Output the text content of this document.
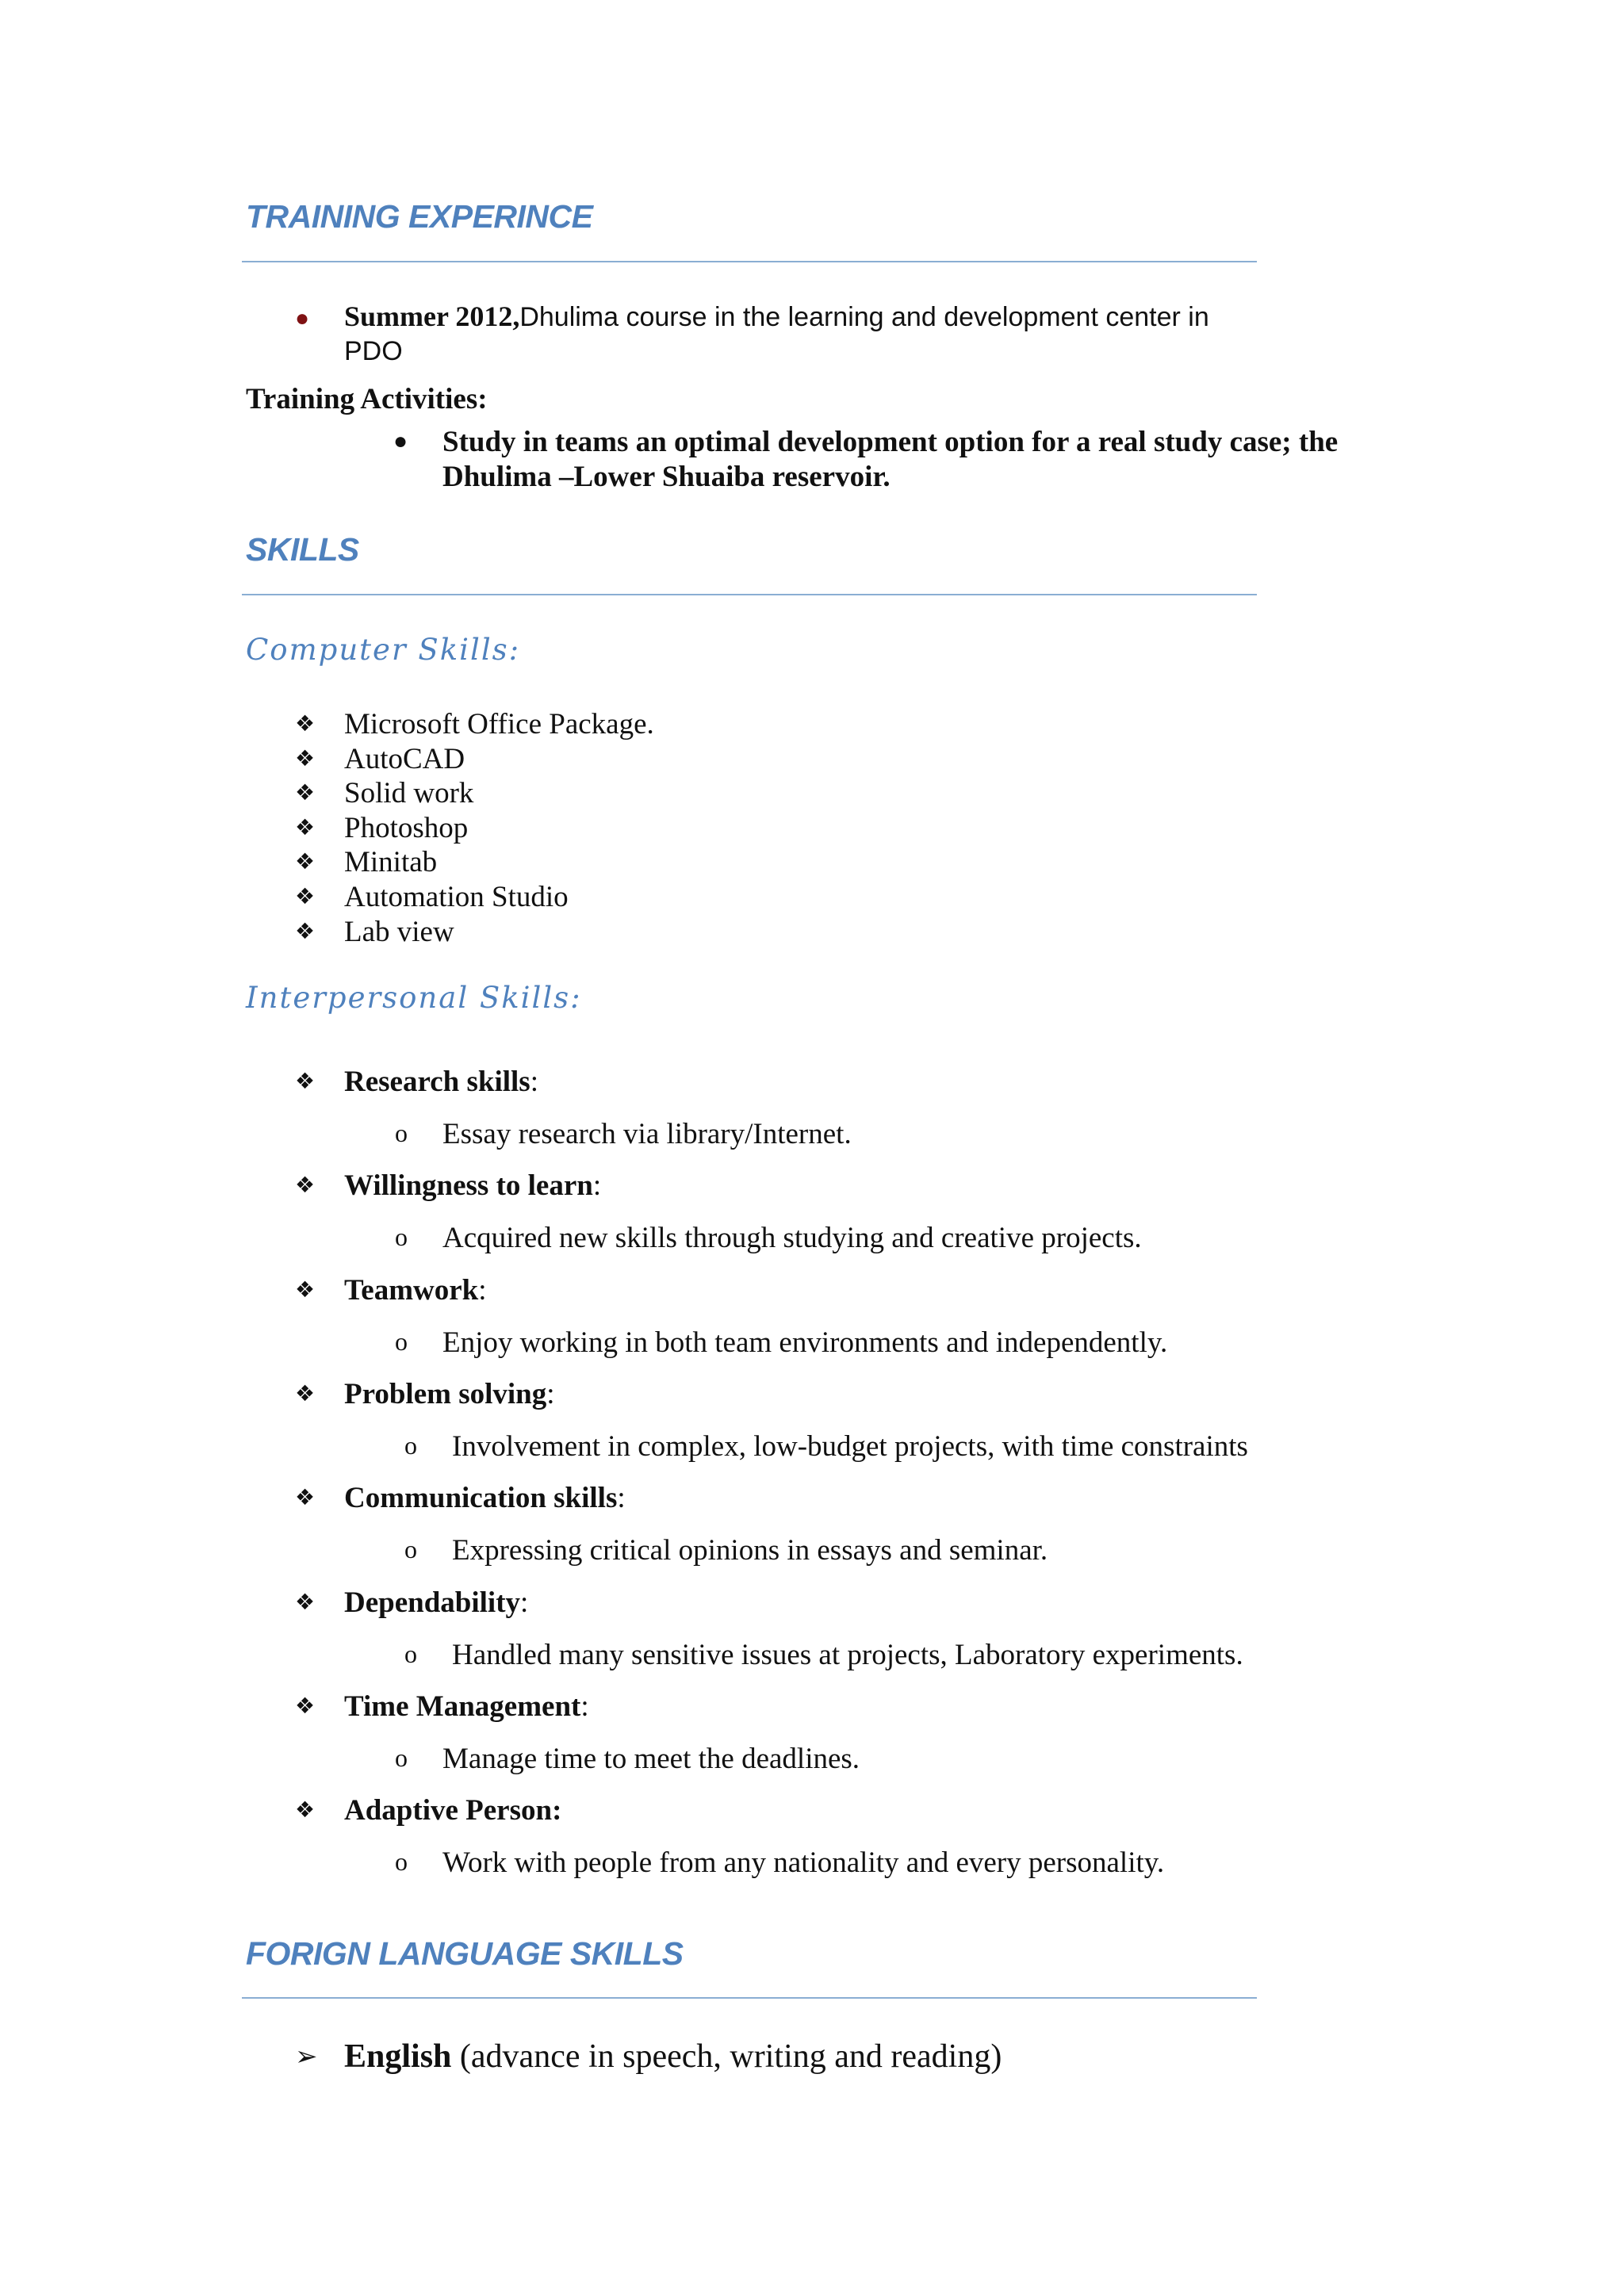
TRAINING EXPERINCE
● Summer 2012,Dhulima course in the learning and development center in
PDO
Training Activities:
● Study in teams an optimal development option for a real study case; the
Dhulima –Lower Shuaiba reservoir.
SKILLS
Computer Skills:
❖ Microsoft Office Package.
❖ AutoCAD
❖ Solid work
❖ Photoshop
❖ Minitab
❖ Automation Studio
❖ Lab view
Interpersonal Skills:
❖ Research skills:
o Essay research via library/Internet.
❖ Willingness to learn:
o Acquired new skills through studying and creative projects.
❖ Teamwork:
o Enjoy working in both team environments and independently.
❖ Problem solving:
o Involvement in complex, low-budget projects, with time constraints
❖ Communication skills:
o Expressing critical opinions in essays and seminar.
❖ Dependability:
o Handled many sensitive issues at projects, Laboratory experiments.
❖ Time Management:
o Manage time to meet the deadlines.
❖ Adaptive Person:
o Work with people from any nationality and every personality.
FORIGN LANGUAGE SKILLS
➢ English (advance in speech, writing and reading)
